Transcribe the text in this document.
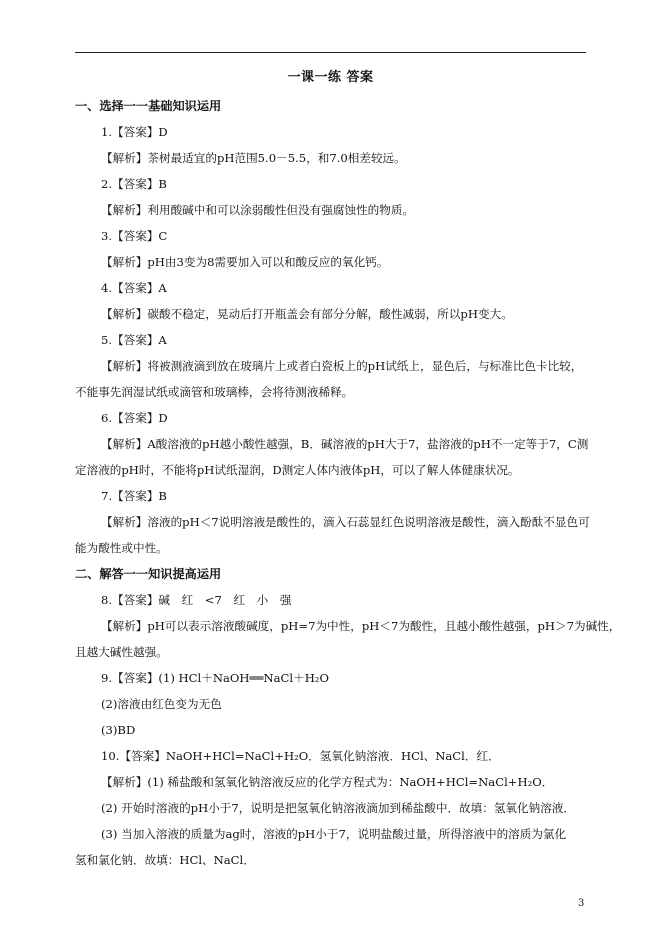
一课一练 答案
一、选择一一基础知识运用
1.【答案】D
【解析】茶树最适宜的pH范围5.0－5.5，和7.0相差较远。
2.【答案】B
【解析】利用酸碱中和可以涂弱酸性但没有强腐蚀性的物质。
3.【答案】C
【解析】pH由3变为8需要加入可以和酸反应的氧化钙。
4.【答案】A
【解析】碳酸不稳定，晃动后打开瓶盖会有部分分解，酸性减弱，所以pH变大。
5.【答案】A
【解析】将被测液滴到放在玻璃片上或者白瓷板上的pH试纸上，显色后，与标准比色卡比较，
不能事先润湿试纸或滴管和玻璃棒，会将待测液稀释。
6.【答案】D
【解析】A酸溶液的pH越小酸性越强，B．碱溶液的pH大于7，盐溶液的pH不一定等于7，C测
定溶液的pH时，不能将pH试纸湿润，D测定人体内液体pH，可以了解人体健康状况。
7.【答案】B
【解析】溶液的pH＜7说明溶液是酸性的，滴入石蕊显红色说明溶液是酸性，滴入酚酞不显色可
能为酸性或中性。
二、解答一一知识提高运用
8.【答案】碱　红　<7　红　小　强
【解析】pH可以表示溶液酸碱度，pH=7为中性，pH＜7为酸性，且越小酸性越强，pH＞7为碱性，
且越大碱性越强。
9.【答案】(1) HCl＋NaOH══NaCl＋H₂O
(2)溶液由红色变为无色
(3)BD
10.【答案】NaOH+HCl=NaCl+H₂O．氢氧化钠溶液．HCl、NaCl．红．
【解析】(1) 稀盐酸和氢氧化钠溶液反应的化学方程式为：NaOH+HCl=NaCl+H₂O．
(2) 开始时溶液的pH小于7，说明是把氢氧化钠溶液滴加到稀盐酸中．故填：氢氧化钠溶液．
(3) 当加入溶液的质量为ag时，溶液的pH小于7，说明盐酸过量，所得溶液中的溶质为氯化
氢和氯化钠．故填：HCl、NaCl．
3
